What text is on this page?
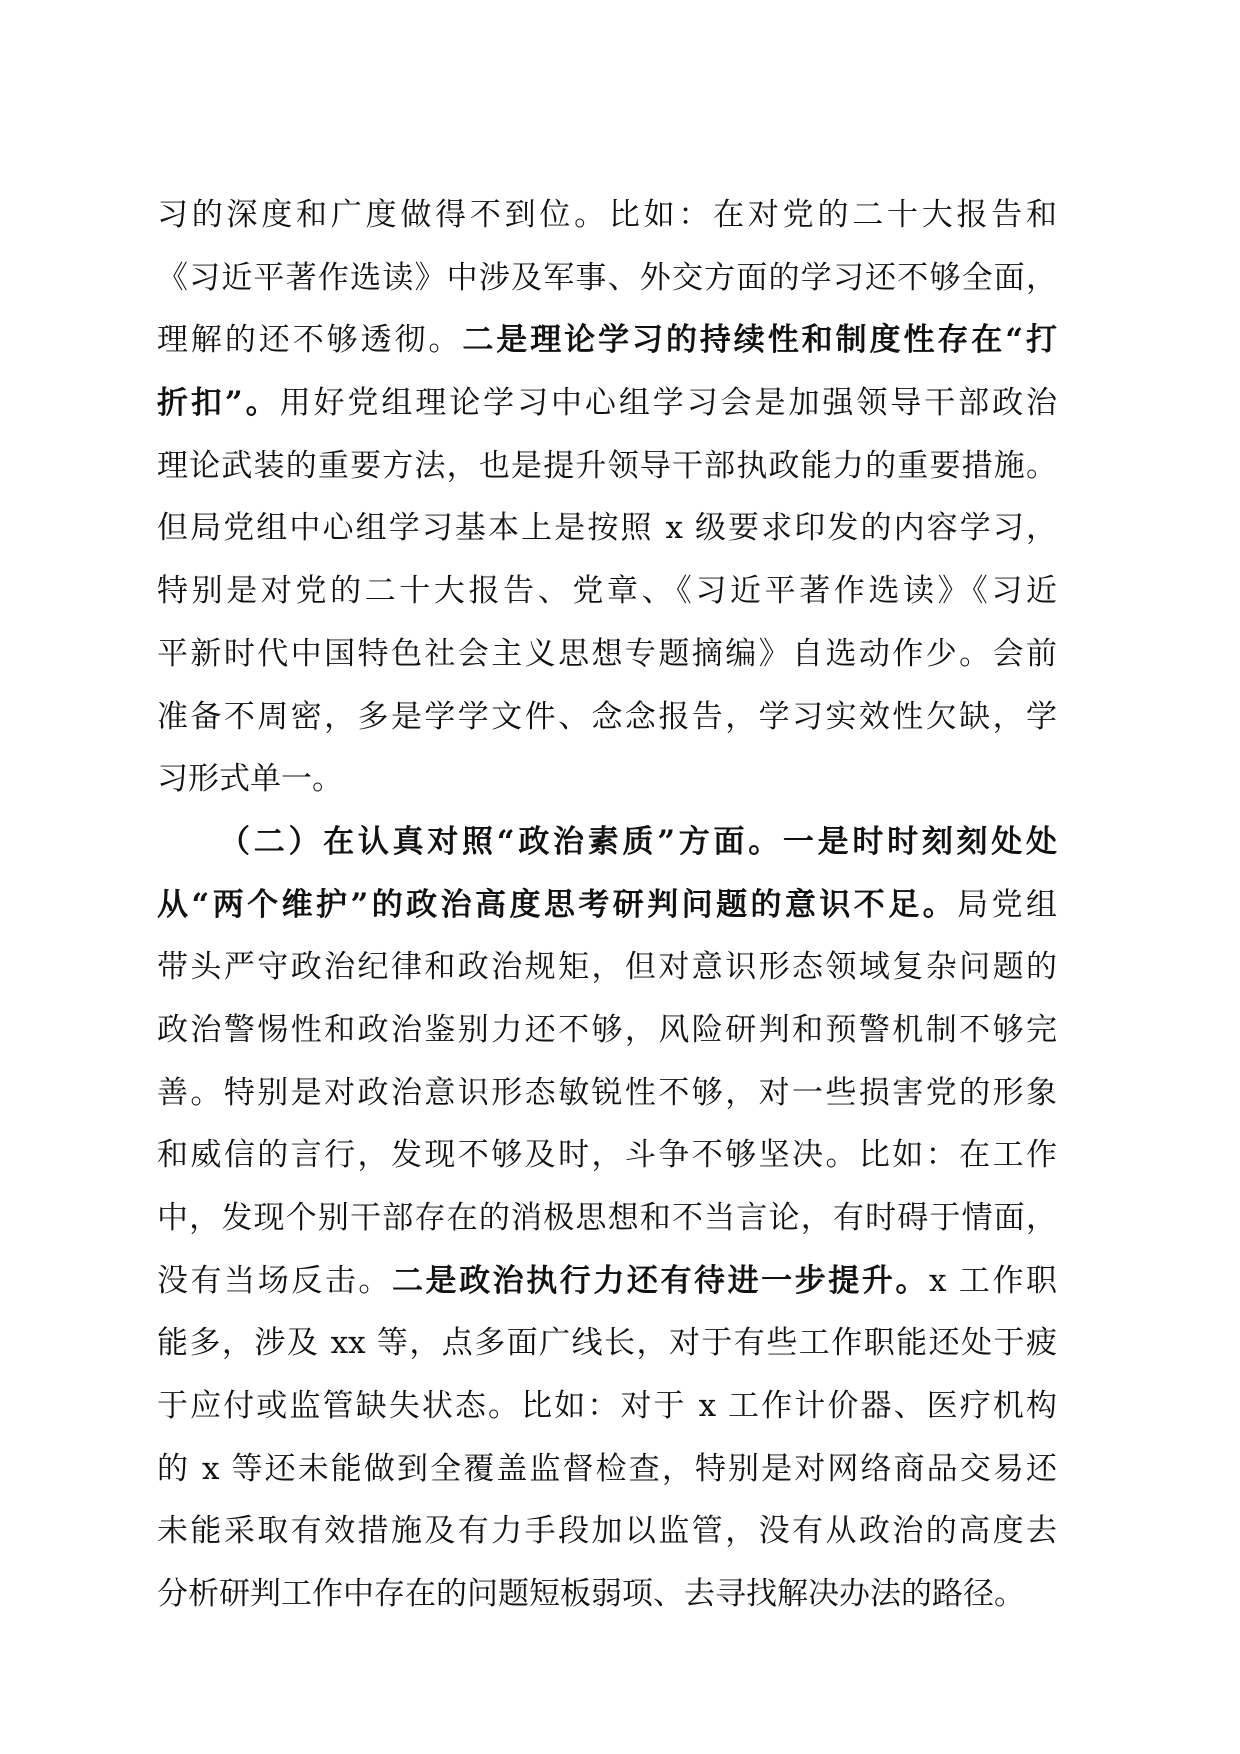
习的深度和广度做得不到位。比如：在对党的二十大报告和
《习近平著作选读》中涉及军事、外交方面的学习还不够全面，
理解的还不够透彻。二是理论学习的持续性和制度性存在“打
折扣”。用好党组理论学习中心组学习会是加强领导干部政治
理论武装的重要方法，也是提升领导干部执政能力的重要措施。
但局党组中心组学习基本上是按照 x 级要求印发的内容学习，
特别是对党的二十大报告、党章、《习近平著作选读》《习近
平新时代中国特色社会主义思想专题摘编》自选动作少。会前
准备不周密，多是学学文件、念念报告，学习实效性欠缺，学
习形式单一。
（二）在认真对照“政治素质”方面。一是时时刻刻处处
从“两个维护”的政治高度思考研判问题的意识不足。局党组
带头严守政治纪律和政治规矩，但对意识形态领域复杂问题的
政治警惕性和政治鉴别力还不够，风险研判和预警机制不够完
善。特别是对政治意识形态敏锐性不够，对一些损害党的形象
和威信的言行，发现不够及时，斗争不够坚决。比如：在工作
中，发现个别干部存在的消极思想和不当言论，有时碍于情面，
没有当场反击。二是政治执行力还有待进一步提升。x 工作职
能多，涉及 xx 等，点多面广线长，对于有些工作职能还处于疲
于应付或监管缺失状态。比如：对于 x 工作计价器、医疗机构
的 x 等还未能做到全覆盖监督检查，特别是对网络商品交易还
未能采取有效措施及有力手段加以监管，没有从政治的高度去
分析研判工作中存在的问题短板弱项、去寻找解决办法的路径。
